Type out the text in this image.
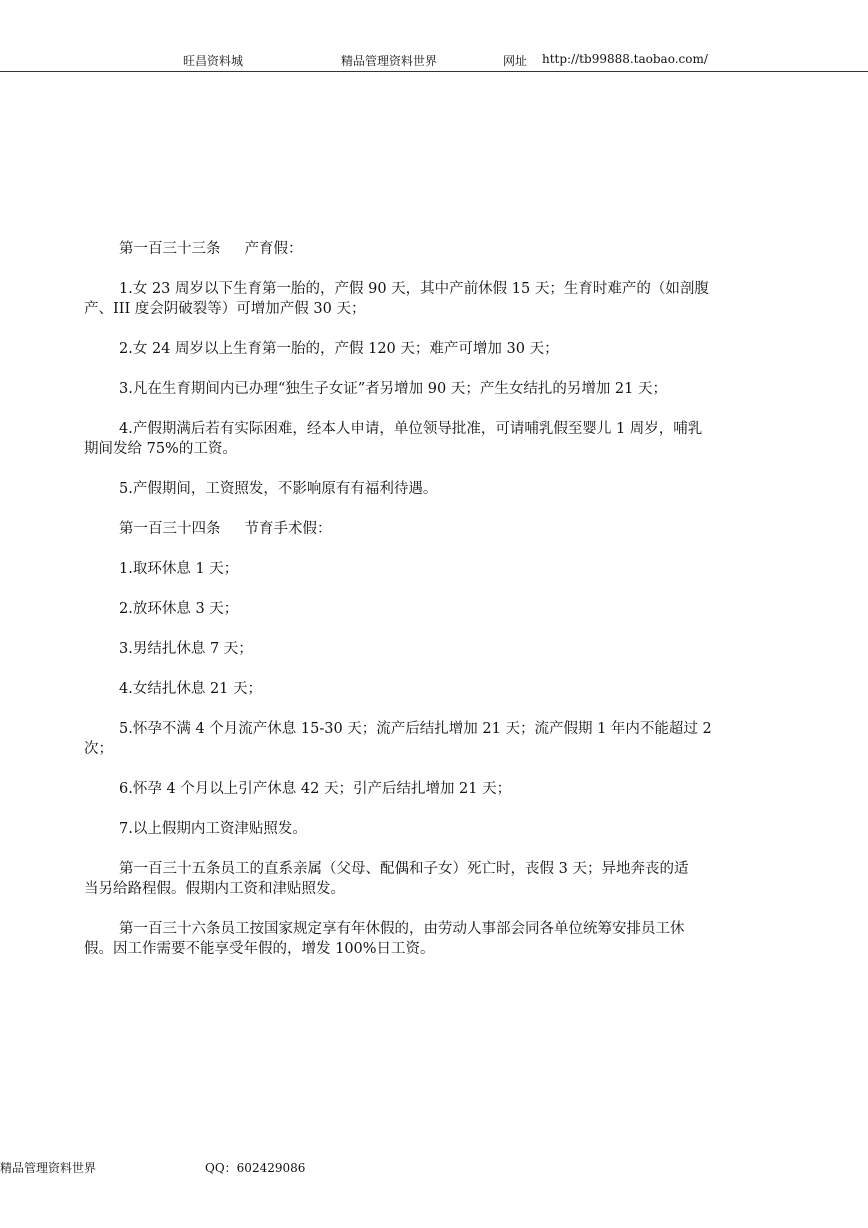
旺昌资料城	精品管理资料世界	网址 http://tb99888.taobao.com/

第一百三十三条 产育假：

1.女 23 周岁以下生育第一胎的，产假 90 天，其中产前休假 15 天；生育时难产的（如剖腹
产、III 度会阴破裂等）可增加产假 30 天；

2.女 24 周岁以上生育第一胎的，产假 120 天；难产可增加 30 天；

3.凡在生育期间内已办理“独生子女证”者另增加 90 天；产生女结扎的另增加 21 天；

4.产假期满后若有实际困难，经本人申请，单位领导批准，可请哺乳假至婴儿 1 周岁，哺乳
期间发给 75%的工资。

5.产假期间，工资照发，不影响原有有福利待遇。

第一百三十四条 节育手术假：

1.取环休息 1 天；

2.放环休息 3 天；

3.男结扎休息 7 天；

4.女结扎休息 21 天；

5.怀孕不满 4 个月流产休息 15-30 天；流产后结扎增加 21 天；流产假期 1 年内不能超过 2
次；

6.怀孕 4 个月以上引产休息 42 天；引产后结扎增加 21 天；

7.以上假期内工资津贴照发。

第一百三十五条员工的直系亲属（父母、配偶和子女）死亡时，丧假 3 天；异地奔丧的适
当另给路程假。假期内工资和津贴照发。

第一百三十六条员工按国家规定享有年休假的，由劳动人事部会同各单位统筹安排员工休
假。因工作需要不能享受年假的，增发 100%日工资。

精品管理资料世界	QQ：602429086
